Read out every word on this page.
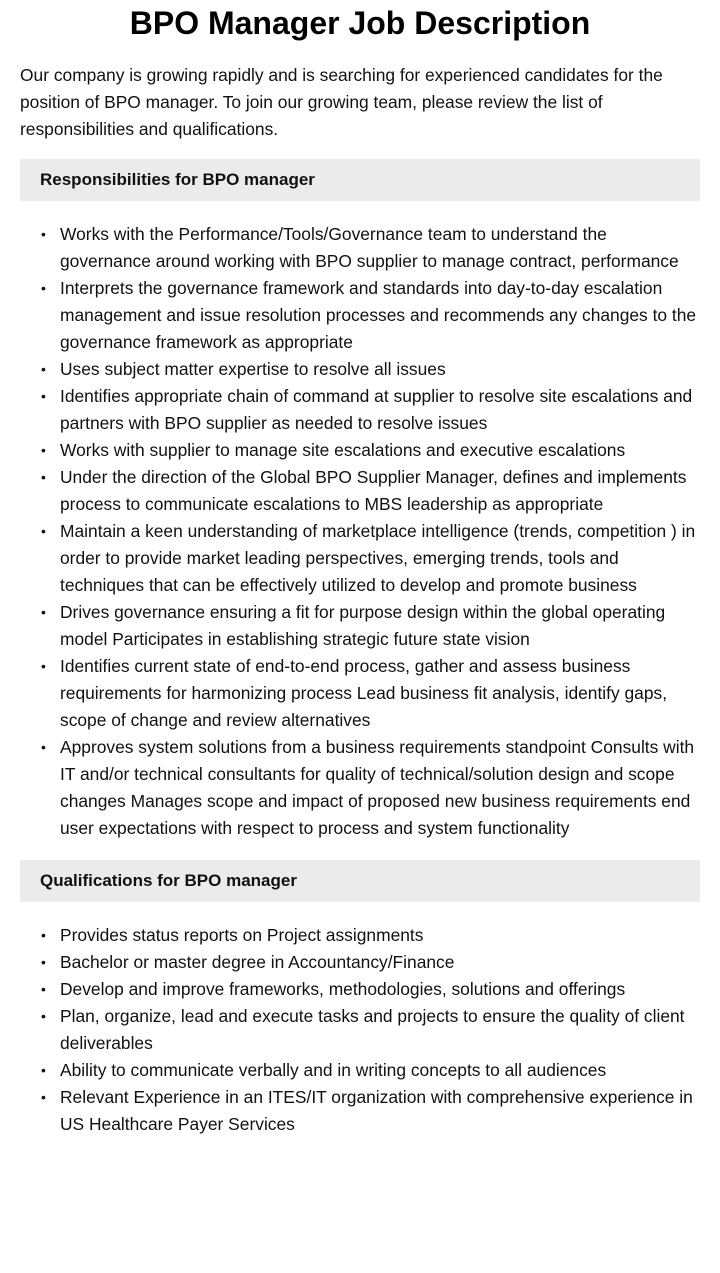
BPO Manager Job Description

Our company is growing rapidly and is searching for experienced candidates for the position of BPO manager. To join our growing team, please review the list of responsibilities and qualifications.

Responsibilities for BPO manager
• Works with the Performance/Tools/Governance team to understand the governance around working with BPO supplier to manage contract, performance
• Interprets the governance framework and standards into day-to-day escalation management and issue resolution processes and recommends any changes to the governance framework as appropriate
• Uses subject matter expertise to resolve all issues
• Identifies appropriate chain of command at supplier to resolve site escalations and partners with BPO supplier as needed to resolve issues
• Works with supplier to manage site escalations and executive escalations
• Under the direction of the Global BPO Supplier Manager, defines and implements process to communicate escalations to MBS leadership as appropriate
• Maintain a keen understanding of marketplace intelligence (trends, competition ) in order to provide market leading perspectives, emerging trends, tools and techniques that can be effectively utilized to develop and promote business
• Drives governance ensuring a fit for purpose design within the global operating model Participates in establishing strategic future state vision
• Identifies current state of end-to-end process, gather and assess business requirements for harmonizing process Lead business fit analysis, identify gaps, scope of change and review alternatives
• Approves system solutions from a business requirements standpoint Consults with IT and/or technical consultants for quality of technical/solution design and scope changes Manages scope and impact of proposed new business requirements end user expectations with respect to process and system functionality
Qualifications for BPO manager
• Provides status reports on Project assignments
• Bachelor or master degree in Accountancy/Finance
• Develop and improve frameworks, methodologies, solutions and offerings
• Plan, organize, lead and execute tasks and projects to ensure the quality of client deliverables
• Ability to communicate verbally and in writing concepts to all audiences
• Relevant Experience in an ITES/IT organization with comprehensive experience in US Healthcare Payer Services
